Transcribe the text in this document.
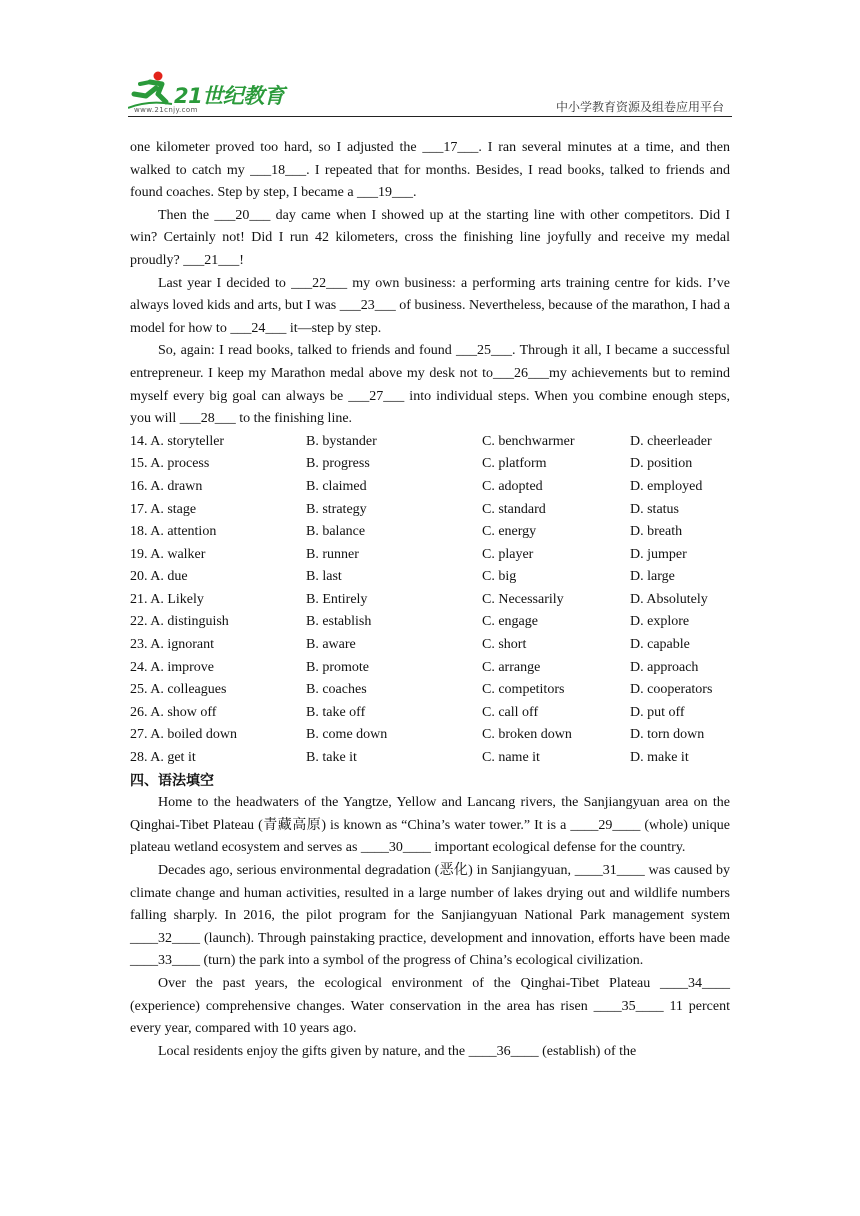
21世纪教育
www.21cnjy.com	中小学教育资源及组卷应用平台

one kilometer proved too hard, so I adjusted the ___17___. I ran several minutes at a time, and then walked to catch my ___18___. I repeated that for months. Besides, I read books, talked to friends and found coaches. Step by step, I became a ___19___.

Then the ___20___ day came when I showed up at the starting line with other competitors. Did I win? Certainly not! Did I run 42 kilometers, cross the finishing line joyfully and receive my medal proudly? ___21___!

Last year I decided to ___22___ my own business: a performing arts training centre for kids. I’ve always loved kids and arts, but I was ___23___ of business. Nevertheless, because of the marathon, I had a model for how to ___24___ it—step by step.

So, again: I read books, talked to friends and found ___25___. Through it all, I became a successful entrepreneur. I keep my Marathon medal above my desk not to___26___my achievements but to remind myself every big goal can always be ___27___ into individual steps. When you combine enough steps, you will ___28___ to the finishing line.

14. A. storyteller	B. bystander	C. benchwarmer	D. cheerleader
15. A. process	B. progress	C. platform	D. position
16. A. drawn	B. claimed	C. adopted	D. employed
17. A. stage	B. strategy	C. standard	D. status
18. A. attention	B. balance	C. energy	D. breath
19. A. walker	B. runner	C. player	D. jumper
20. A. due	B. last	C. big	D. large
21. A. Likely	B. Entirely	C. Necessarily	D. Absolutely
22. A. distinguish	B. establish	C. engage	D. explore
23. A. ignorant	B. aware	C. short	D. capable
24. A. improve	B. promote	C. arrange	D. approach
25. A. colleagues	B. coaches	C. competitors	D. cooperators
26. A. show off	B. take off	C. call off	D. put off
27. A. boiled down	B. come down	C. broken down	D. torn down
28. A. get it	B. take it	C. name it	D. make it

四、语法填空

Home to the headwaters of the Yangtze, Yellow and Lancang rivers, the Sanjiangyuan area on the Qinghai-Tibet Plateau (青藏高原) is known as “China’s water tower.” It is a ____29____ (whole) unique plateau wetland ecosystem and serves as ____30____ important ecological defense for the country.

Decades ago, serious environmental degradation (恶化) in Sanjiangyuan, ____31____ was caused by climate change and human activities, resulted in a large number of lakes drying out and wildlife numbers falling sharply. In 2016, the pilot program for the Sanjiangyuan National Park management system ____32____ (launch). Through painstaking practice, development and innovation, efforts have been made ____33____ (turn) the park into a symbol of the progress of China’s ecological civilization.

Over the past years, the ecological environment of the Qinghai-Tibet Plateau ____34____ (experience) comprehensive changes. Water conservation in the area has risen ____35____ 11 percent every year, compared with 10 years ago.

Local residents enjoy the gifts given by nature, and the ____36____ (establish) of the
